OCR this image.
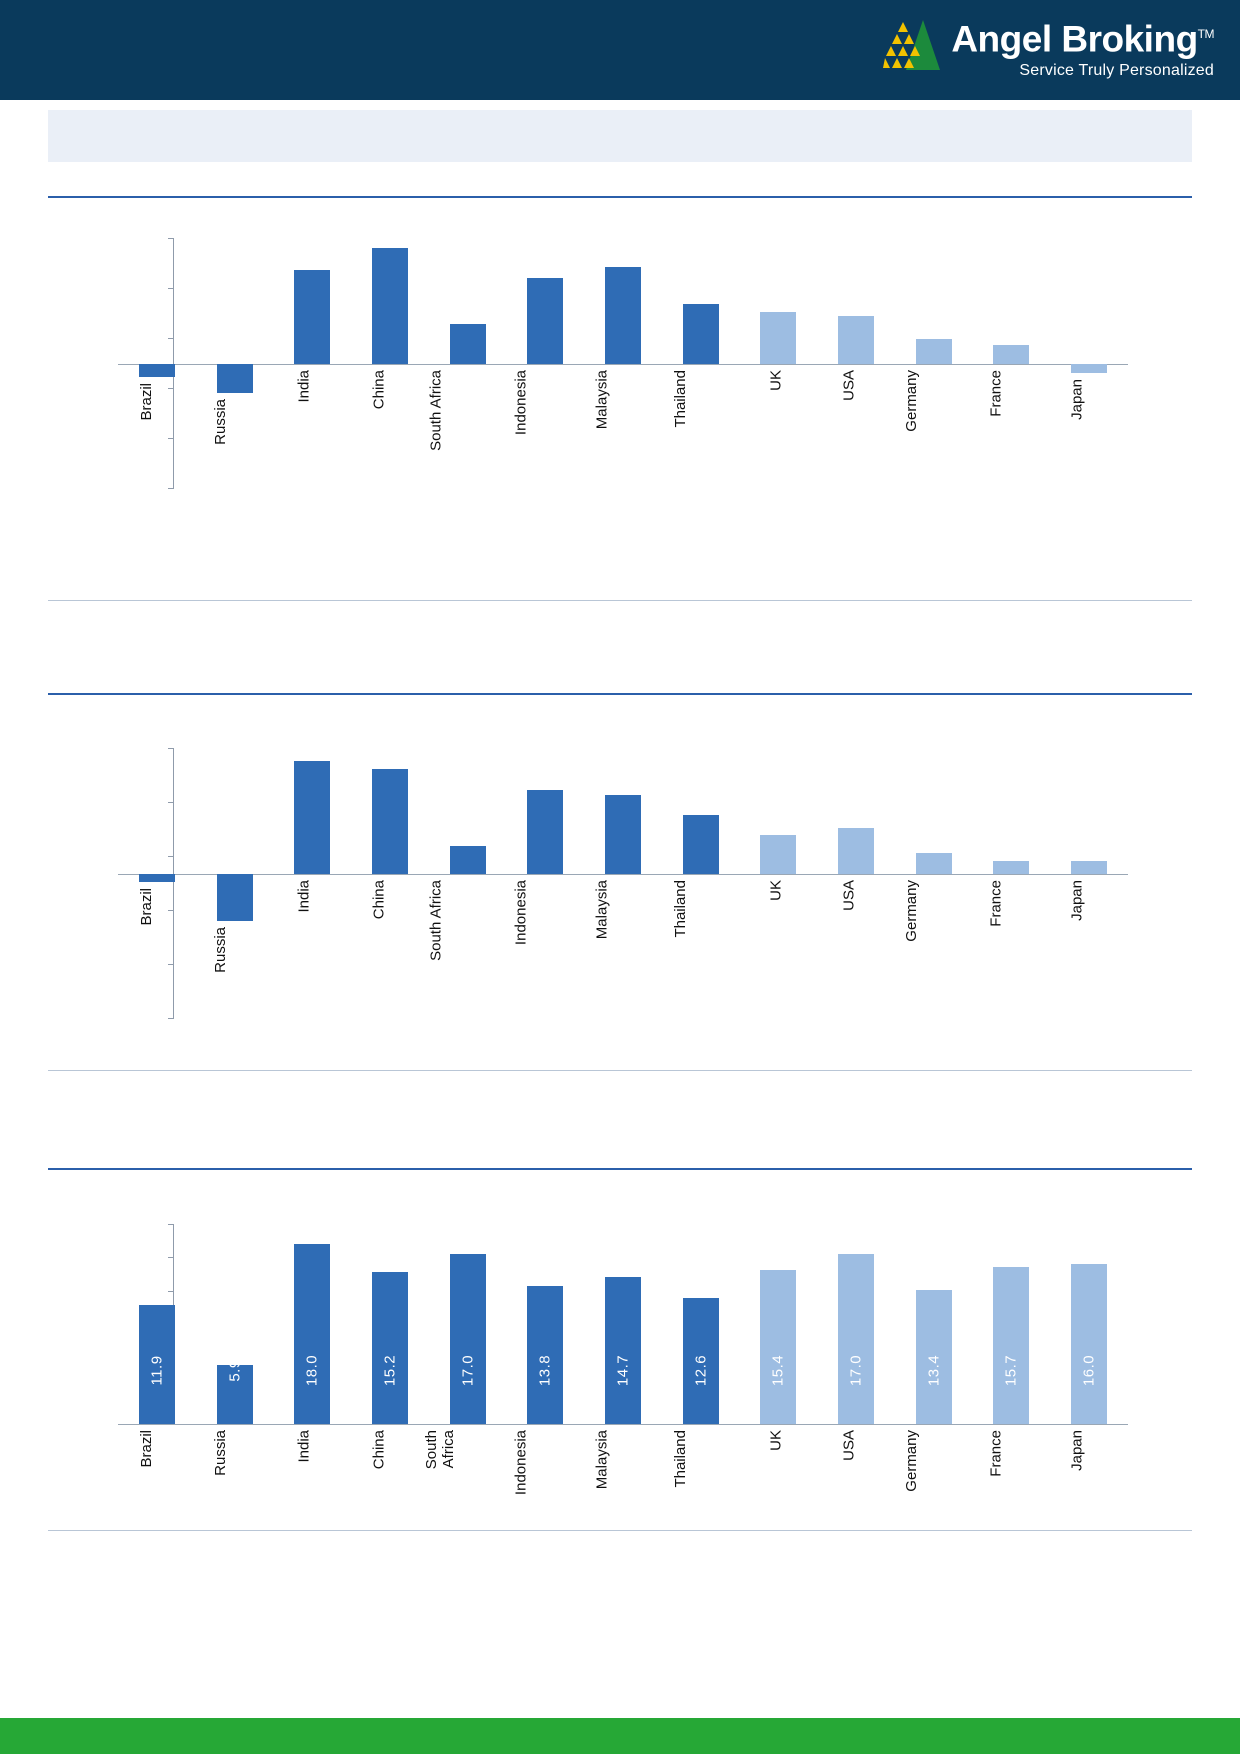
Angel Broking™
Service Truly Personalized
Brazil	Russia
India	China	South Africa	Indonesia	Malaysia	Thailand	UK	USA	Germany	France	Japan
Brazil
Russia
India	China	South Africa	Indonesia	Malaysia	Thailand	UK	USA	Germany	France	Japan
11.9
Brazil
5.9
Russia
18.0
India
15.2
China
17.0
South
Africa
13.8
Indonesia
14.7
Malaysia
12.6
Thailand
15.4
UK
17.0
USA
13.4
Germany
15.7
France
16.0
Japan
